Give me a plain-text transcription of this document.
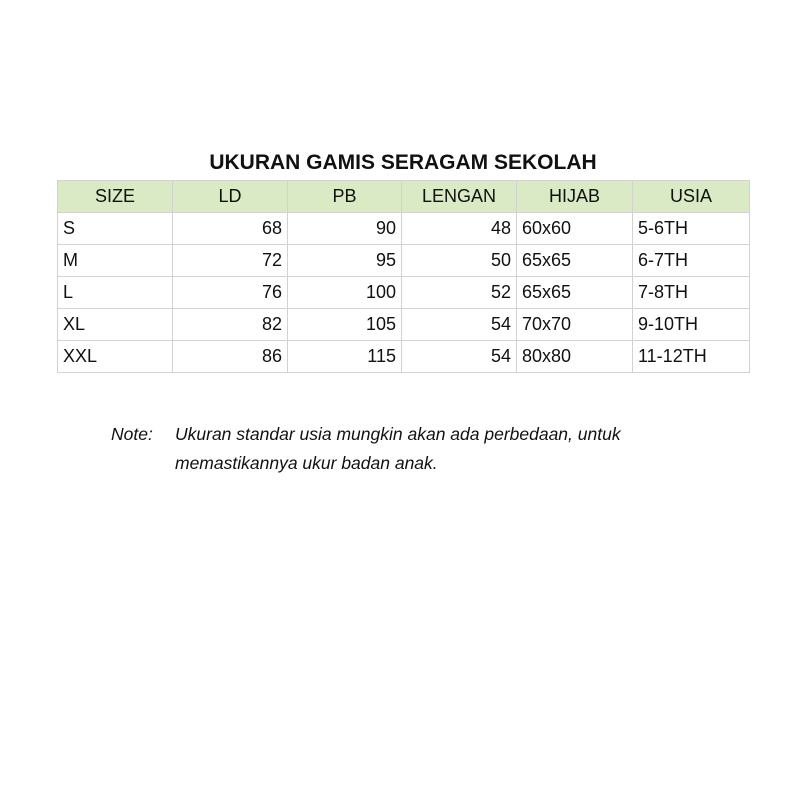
UKURAN GAMIS SERAGAM SEKOLAH
SIZE	LD	PB	LENGAN	HIJAB	USIA
S	68	90	48	60x60	5-6TH
M	72	95	50	65x65	6-7TH
L	76	100	52	65x65	7-8TH
XL	82	105	54	70x70	9-10TH
XXL	86	115	54	80x80	11-12TH
Note:	Ukuran standar usia mungkin akan ada perbedaan, untuk
memastikannya ukur badan anak.
